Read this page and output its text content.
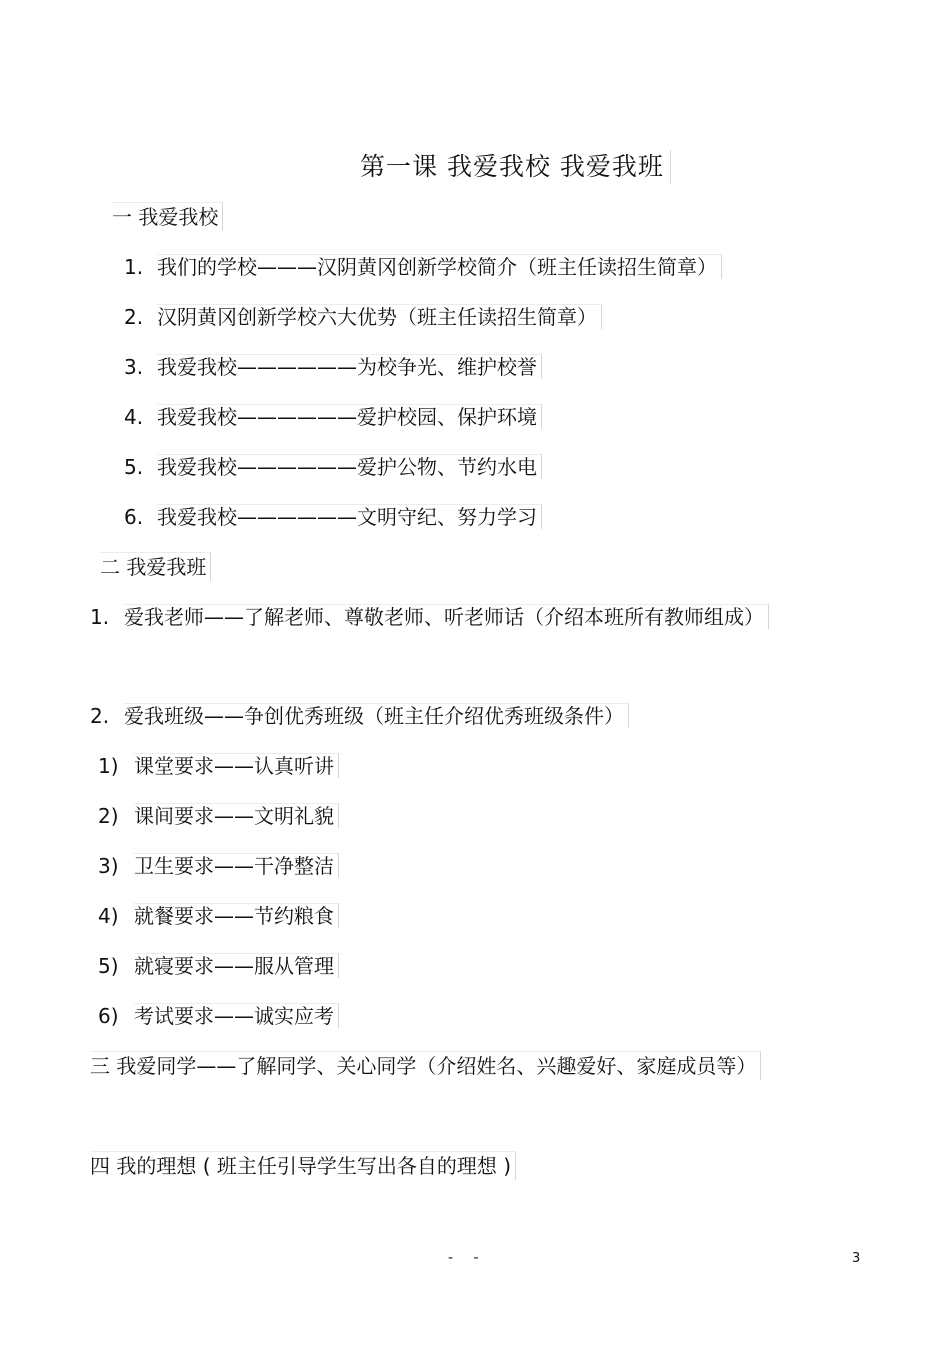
第一课 我爱我校 我爱我班
一 我爱我校
1. 我们的学校———汉阴黄冈创新学校简介（班主任读招生简章）
2. 汉阴黄冈创新学校六大优势（班主任读招生简章）
3. 我爱我校——————为校争光、维护校誉
4. 我爱我校——————爱护校园、保护环境
5. 我爱我校——————爱护公物、节约水电
6. 我爱我校——————文明守纪、努力学习
二 我爱我班
1. 爱我老师——了解老师、尊敬老师、听老师话（介绍本班所有教师组成）
2. 爱我班级——争创优秀班级（班主任介绍优秀班级条件）
1) 课堂要求——认真听讲
2) 课间要求——文明礼貌
3) 卫生要求——干净整洁
4) 就餐要求——节约粮食
5) 就寝要求——服从管理
6) 考试要求——诚实应考
三 我爱同学——了解同学、关心同学（介绍姓名、兴趣爱好、家庭成员等）
四 我的理想 ( 班主任引导学生写出各自的理想 )
- -	3
